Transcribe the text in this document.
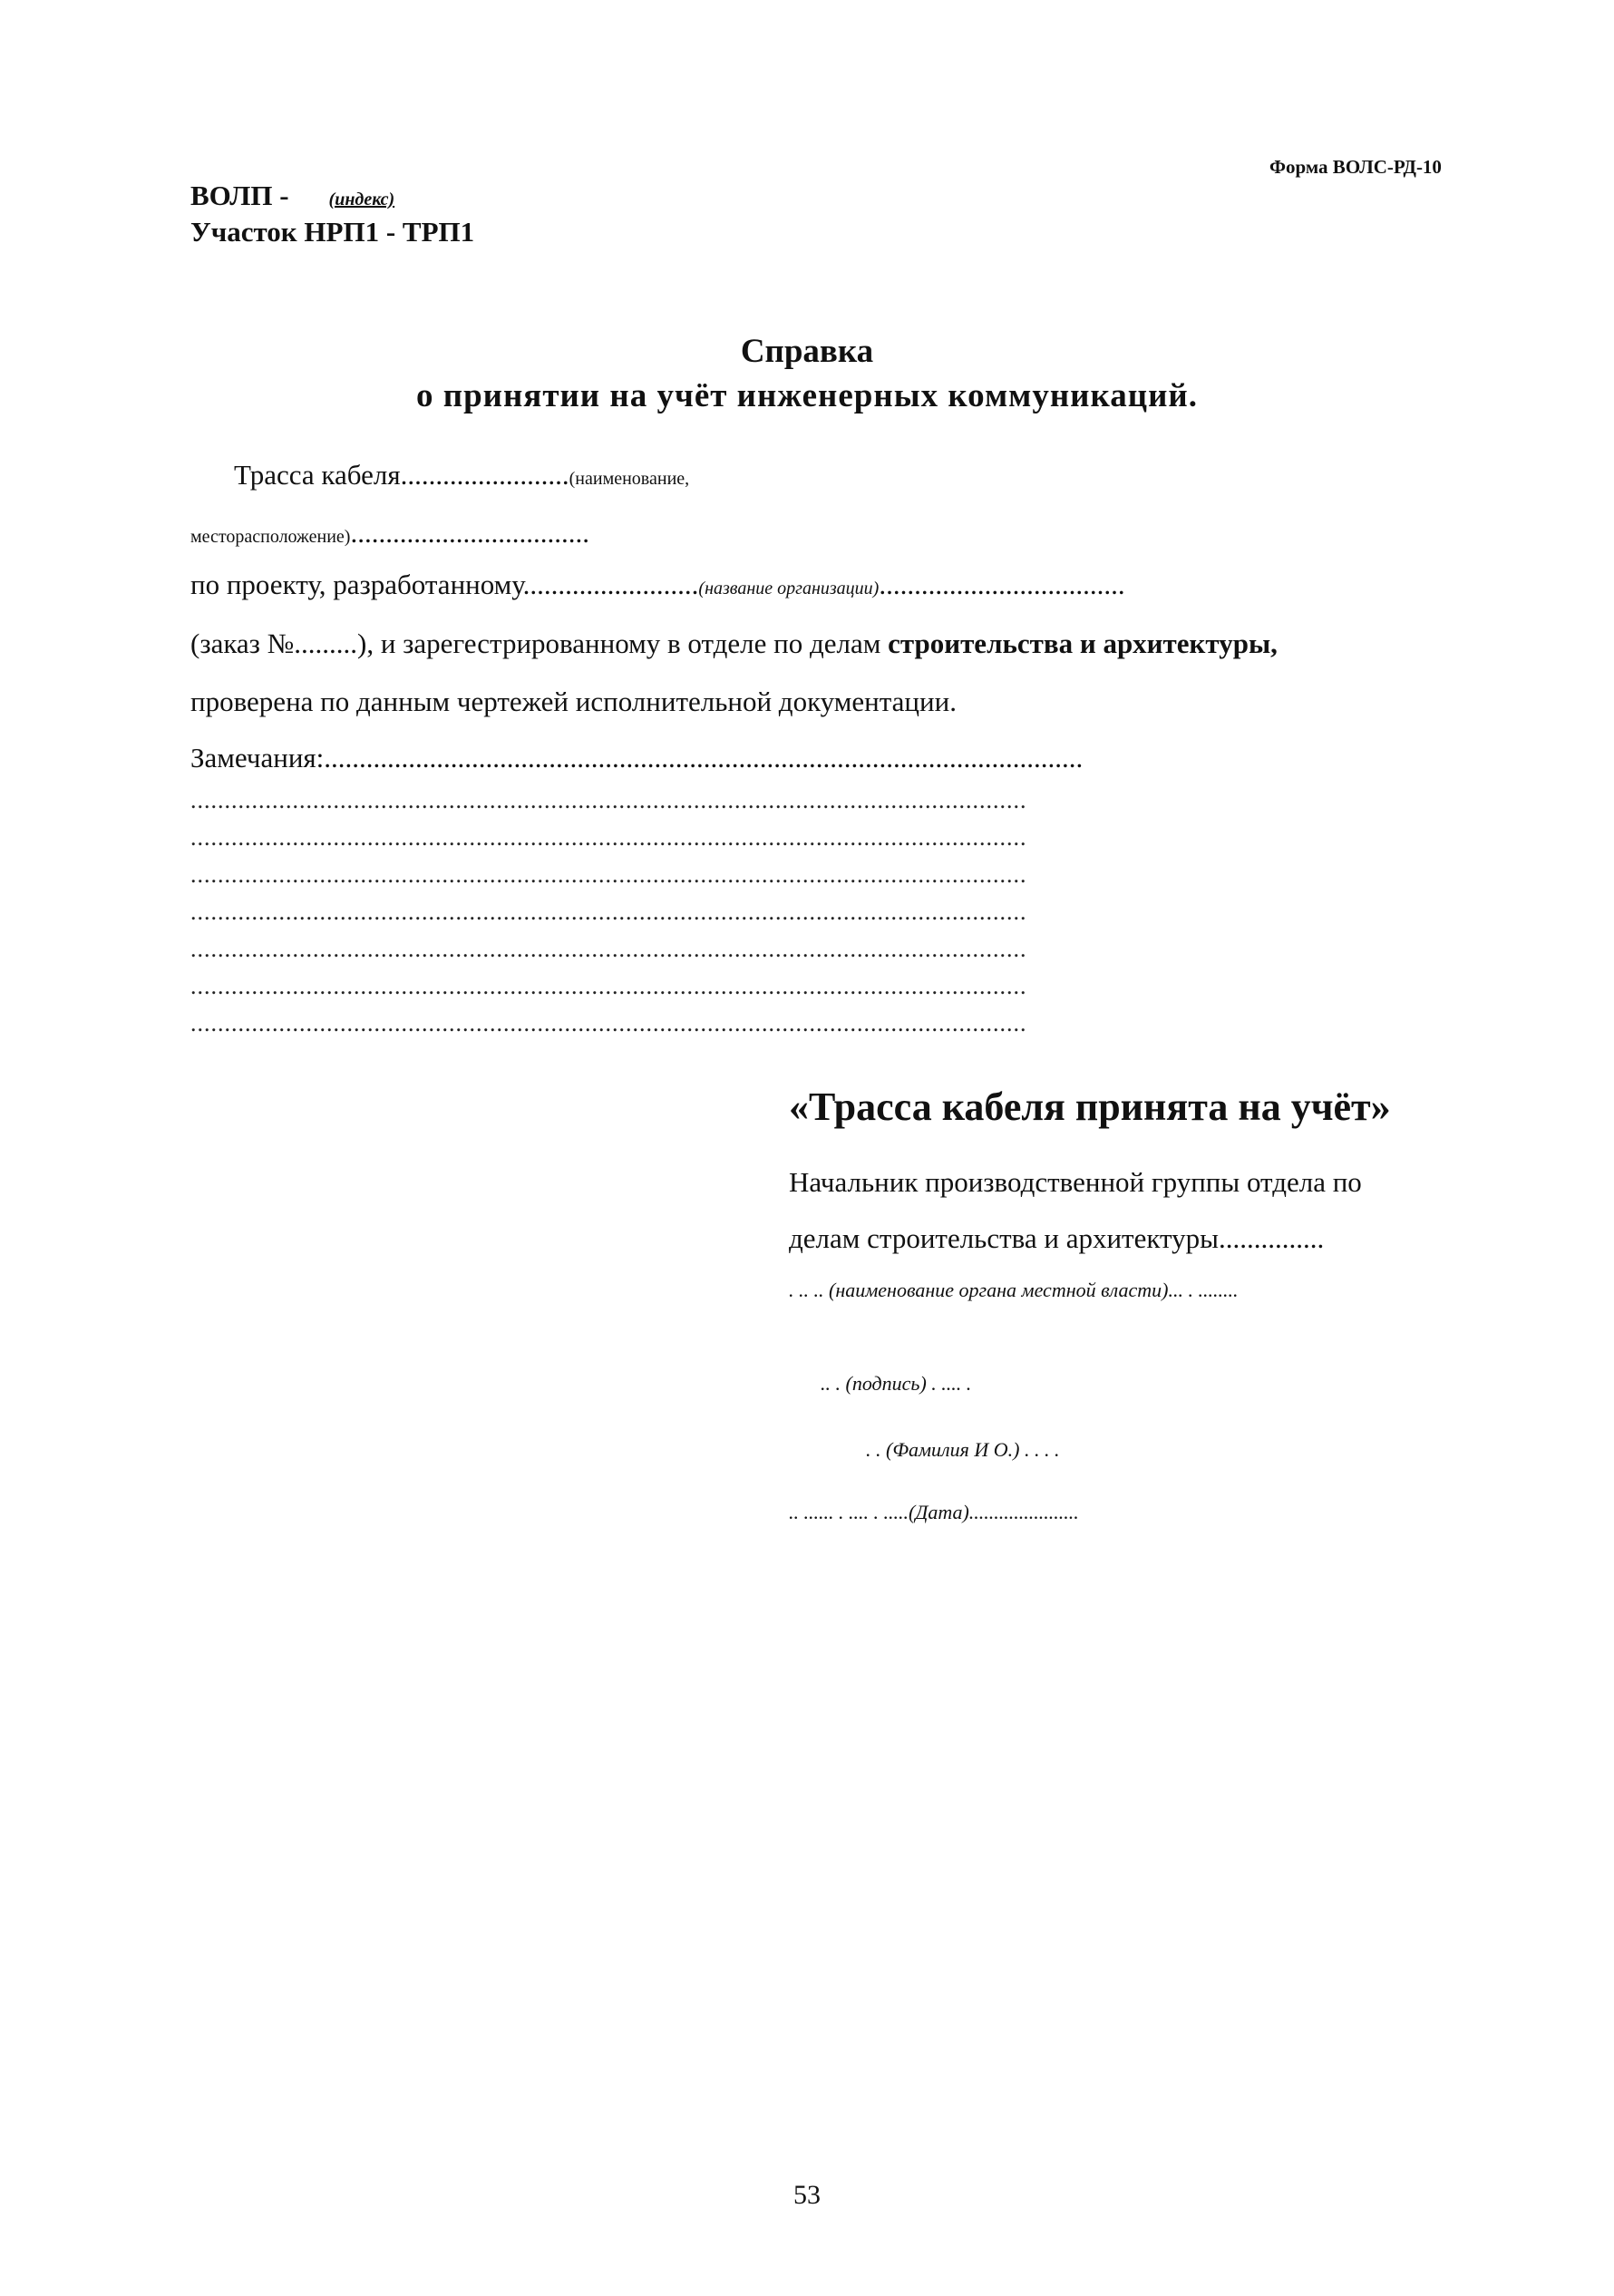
Форма ВОЛС-РД-10
ВОЛП - (индекс)
Участок НРП1 - ТРП1
Справка
о принятии на учёт инженерных коммуникаций.
Трасса кабеля........................(наименование,
месторасположение)..................................
по проекту, разработанному.........................(название организации)...................................
(заказ №.........), и зарегестрированному в отделе по делам строительства и архитектуры,
проверена по данным чертежей исполнительной документации.
Замечания:............................................................................................................
...........................................................................................................................
...........................................................................................................................
...........................................................................................................................
...........................................................................................................................
...........................................................................................................................
...........................................................................................................................
...........................................................................................................................
«Трасса кабеля принята на учёт»
Начальник производственной группы отдела по
делам строительства и архитектуры...............
. .. .. (наименование органа местной власти)... . ........
.. . (подпись) . .... .
. . (Фамилия И О.) . . . .
.. ...... . .... . .....(Дата)......................
53
